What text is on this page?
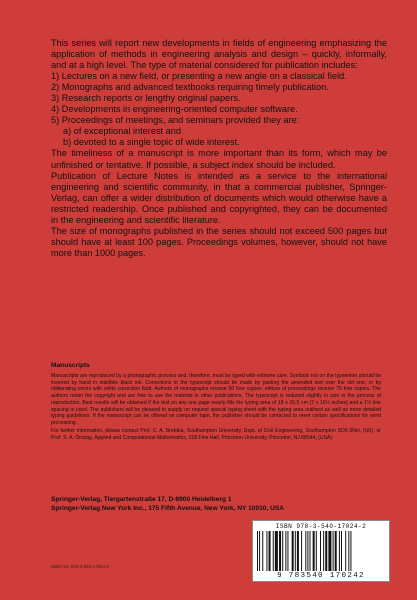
This series will report new developments in fields of engineering emphasizing the application of methods in engineering analysis and design – quickly, informally, and at a high level. The type of material considered for publication includes:

1) Lectures on a new field, or presenting a new angle on a classical field.
2) Monographs and advanced textbooks requiring timely publication.
3) Research reports or lengthy original papers.
4) Developments in engineering-oriented computer software.
5) Proceedings of meetings, and seminars provided they are:
a) of exceptional interest and
b) devoted to a single topic of wide interest.

The timeliness of a manuscript is more important than its form, which may be unfinished or tentative. If possible, a subject index should be included.

Publication of Lecture Notes is intended as a service to the international engineering and scientific community, in that a commercial publisher, Springer-Verlag, can offer a wider distribution of documents which would otherwise have a restricted readership. Once published and copyrighted, they can be documented in the engineering and scientific literature.

The size of monographs published in the series should not exceed 500 pages but should have at least 100 pages. Proceedings volumes, however, should not have more than 1000 pages.

Manuscripts

Manuscripts are reproduced by a photographic process and, therefore, must be typed with extreme care. Symbols not on the typewriter should be inserted by hand in indelible black ink. Corrections to the typescript should be made by pasting the amended text over the old one, or by obliterating errors with white correction fluid. Authors of monographs receive 50 free copies; editors of proceedings receive 75 free copies. The authors retain the copyright and are free to use the material in other publications. The typescript is reduced slightly in size in the process of reproduction. Best results will be obtained if the text on any one page nearly fills the typing area of 18 x 26,5 cm (7 x 10½ inches) and a 1½ line spacing is used. The publishers will be pleased to supply on request special typing sheet with the typing area outlined as well as more detailed typing guidelines. If the manuscript can be offered on computer tape, the publisher should be contacted to meet certain specifications for word processing.

For further information, please contact Prof. C. A. Brebbia, Southampton University, Dept. of Civil Engineering, Southampton SO9 5NH, (UK), or Prof. S. A. Orszag, Applied and Computational Mathematics, 218 Fine Hall, Princeton University, Princeton, NJ 08544, (USA).

Springer-Verlag, Tiergartenstraße 17, D-6900 Heidelberg 1
Springer-Verlag New York Inc., 175 Fifth Avenue, New York, NY 10010, USA
ISBN-13: 978-3-540-17024-2
ISBN 978-3-540-17024-2
9 783540 170242
